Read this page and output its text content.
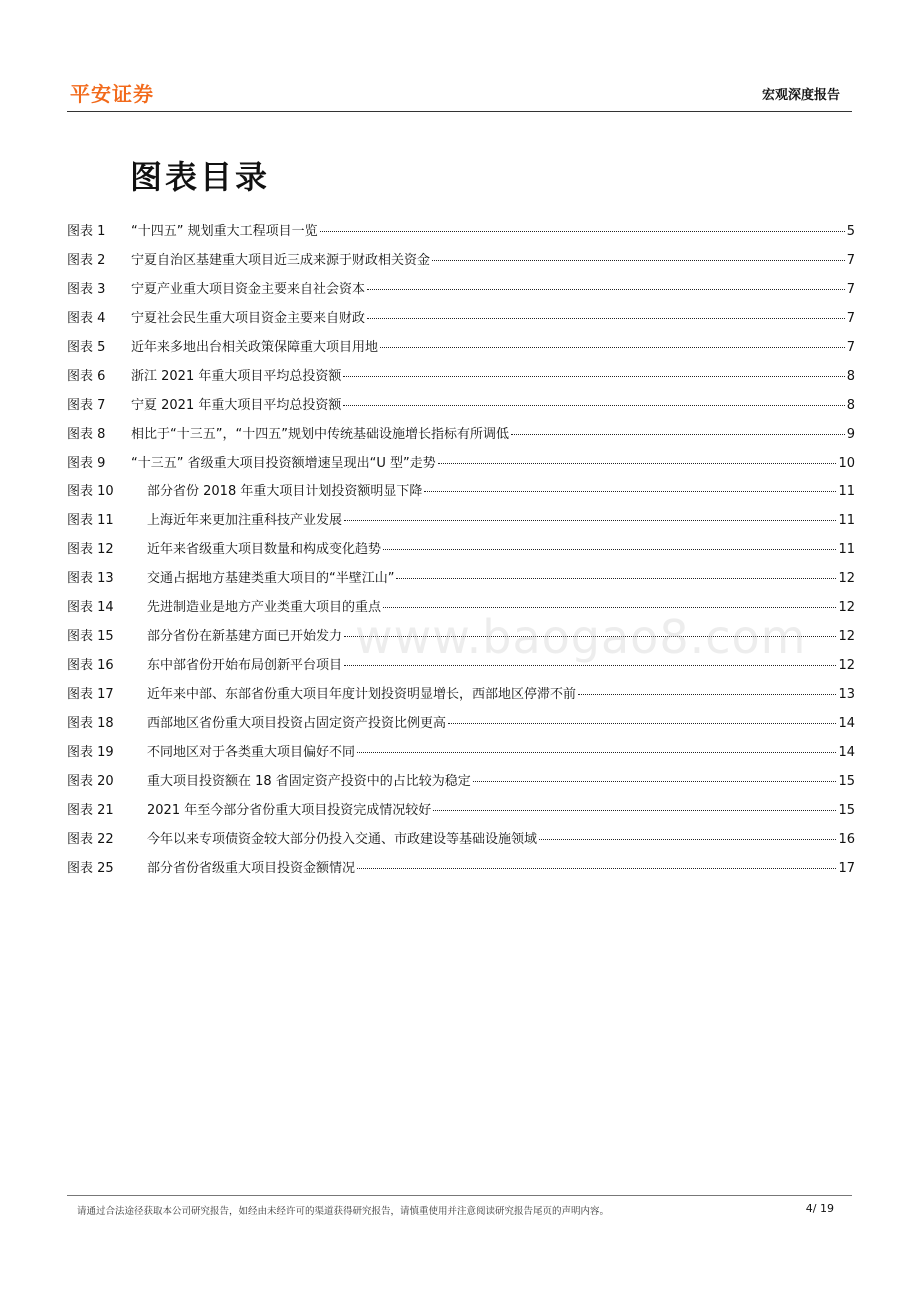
平安证券	宏观深度报告
图表目录
图表 1	“十四五” 规划重大工程项目一览	5
图表 2	宁夏自治区基建重大项目近三成来源于财政相关资金	7
图表 3	宁夏产业重大项目资金主要来自社会资本	7
图表 4	宁夏社会民生重大项目资金主要来自财政	7
图表 5	近年来多地出台相关政策保障重大项目用地	7
图表 6	浙江 2021 年重大项目平均总投资额	8
图表 7	宁夏 2021 年重大项目平均总投资额	8
图表 8	相比于“十三五”，“十四五”规划中传统基础设施增长指标有所调低	9
图表 9	“十三五” 省级重大项目投资额增速呈现出“U 型”走势	10
图表 10	部分省份 2018 年重大项目计划投资额明显下降	11
图表 11	上海近年来更加注重科技产业发展	11
图表 12	近年来省级重大项目数量和构成变化趋势	11
图表 13	交通占据地方基建类重大项目的“半壁江山”	12
图表 14	先进制造业是地方产业类重大项目的重点	12
图表 15	部分省份在新基建方面已开始发力	12
图表 16	东中部省份开始布局创新平台项目	12
图表 17	近年来中部、东部省份重大项目年度计划投资明显增长，西部地区停滞不前	13
图表 18	西部地区省份重大项目投资占固定资产投资比例更高	14
图表 19	不同地区对于各类重大项目偏好不同	14
图表 20	重大项目投资额在 18 省固定资产投资中的占比较为稳定	15
图表 21	2021 年至今部分省份重大项目投资完成情况较好	15
图表 22	今年以来专项债资金较大部分仍投入交通、市政建设等基础设施领域	16
图表 25	部分省份省级重大项目投资金额情况	17
www.baogao8.com
请通过合法途径获取本公司研究报告，如经由未经许可的渠道获得研究报告，请慎重使用并注意阅读研究报告尾页的声明内容。	4/ 19
